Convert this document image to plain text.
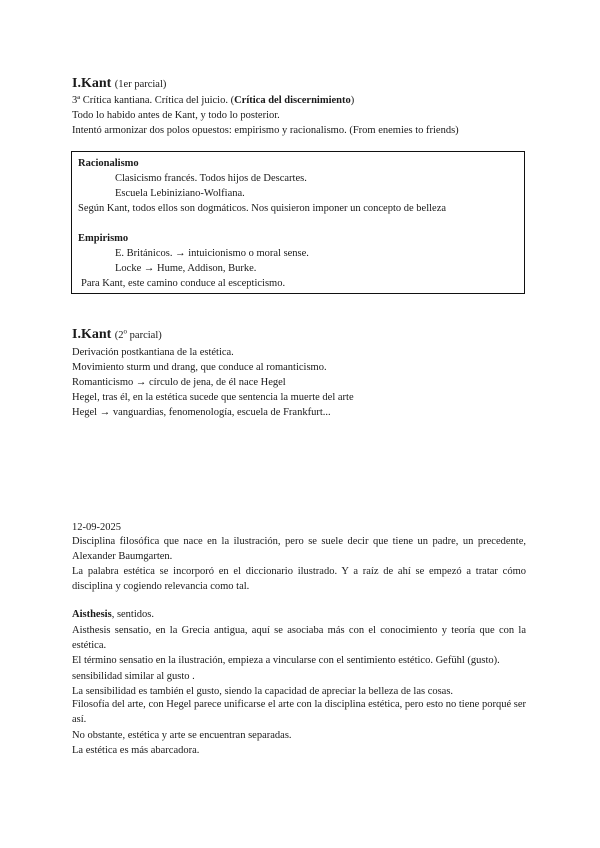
I.Kant (1er parcial)
3ª Crítica kantiana. Crítica del juicio. (Crítica del discernimiento)
Todo lo habido antes de Kant, y todo lo posterior.
Intentó armonizar dos polos opuestos: empirismo y racionalismo. (From enemies to friends)
Racionalismo
Clasicismo francés. Todos hijos de Descartes.
Escuela Lebiniziano-Wolfiana.
Según Kant, todos ellos son dogmáticos. Nos quisieron imponer un concepto de belleza
Empirismo
E. Británicos. → intuicionismo o moral sense.
Locke → Hume, Addison, Burke.
Para Kant, este camino conduce al escepticismo.
I.Kant (2$^o$ parcial)
Derivación postkantiana de la estética.
Movimiento sturm und drang, que conduce al romanticismo.
Romanticismo → círculo de jena, de él nace Hegel
Hegel, tras él, en la estética sucede que sentencia la muerte del arte
Hegel → vanguardias, fenomenología, escuela de Frankfurt...
12-09-2025
Disciplina filosófica que nace en la ilustración, pero se suele decir que tiene un padre, un precedente, Alexander Baumgarten.
La palabra estética se incorporó en el diccionario ilustrado. Y a raíz de ahí se empezó a tratar cómo disciplina y cogiendo relevancia como tal.
Aisthesis, sentidos.
Aisthesis sensatio, en la Grecia antigua, aquí se asociaba más con el conocimiento y teoría que con la estética.
El término sensatio en la ilustración, empieza a vincularse con el sentimiento estético. Gefühl (gusto).
sensibilidad similar al gusto .
La sensibilidad es también el gusto, siendo la capacidad de apreciar la belleza de las cosas.
Filosofía del arte, con Hegel parece unificarse el arte con la disciplina estética, pero esto no tiene porqué ser así.
No obstante, estética y arte se encuentran separadas.
La estética es más abarcadora.
